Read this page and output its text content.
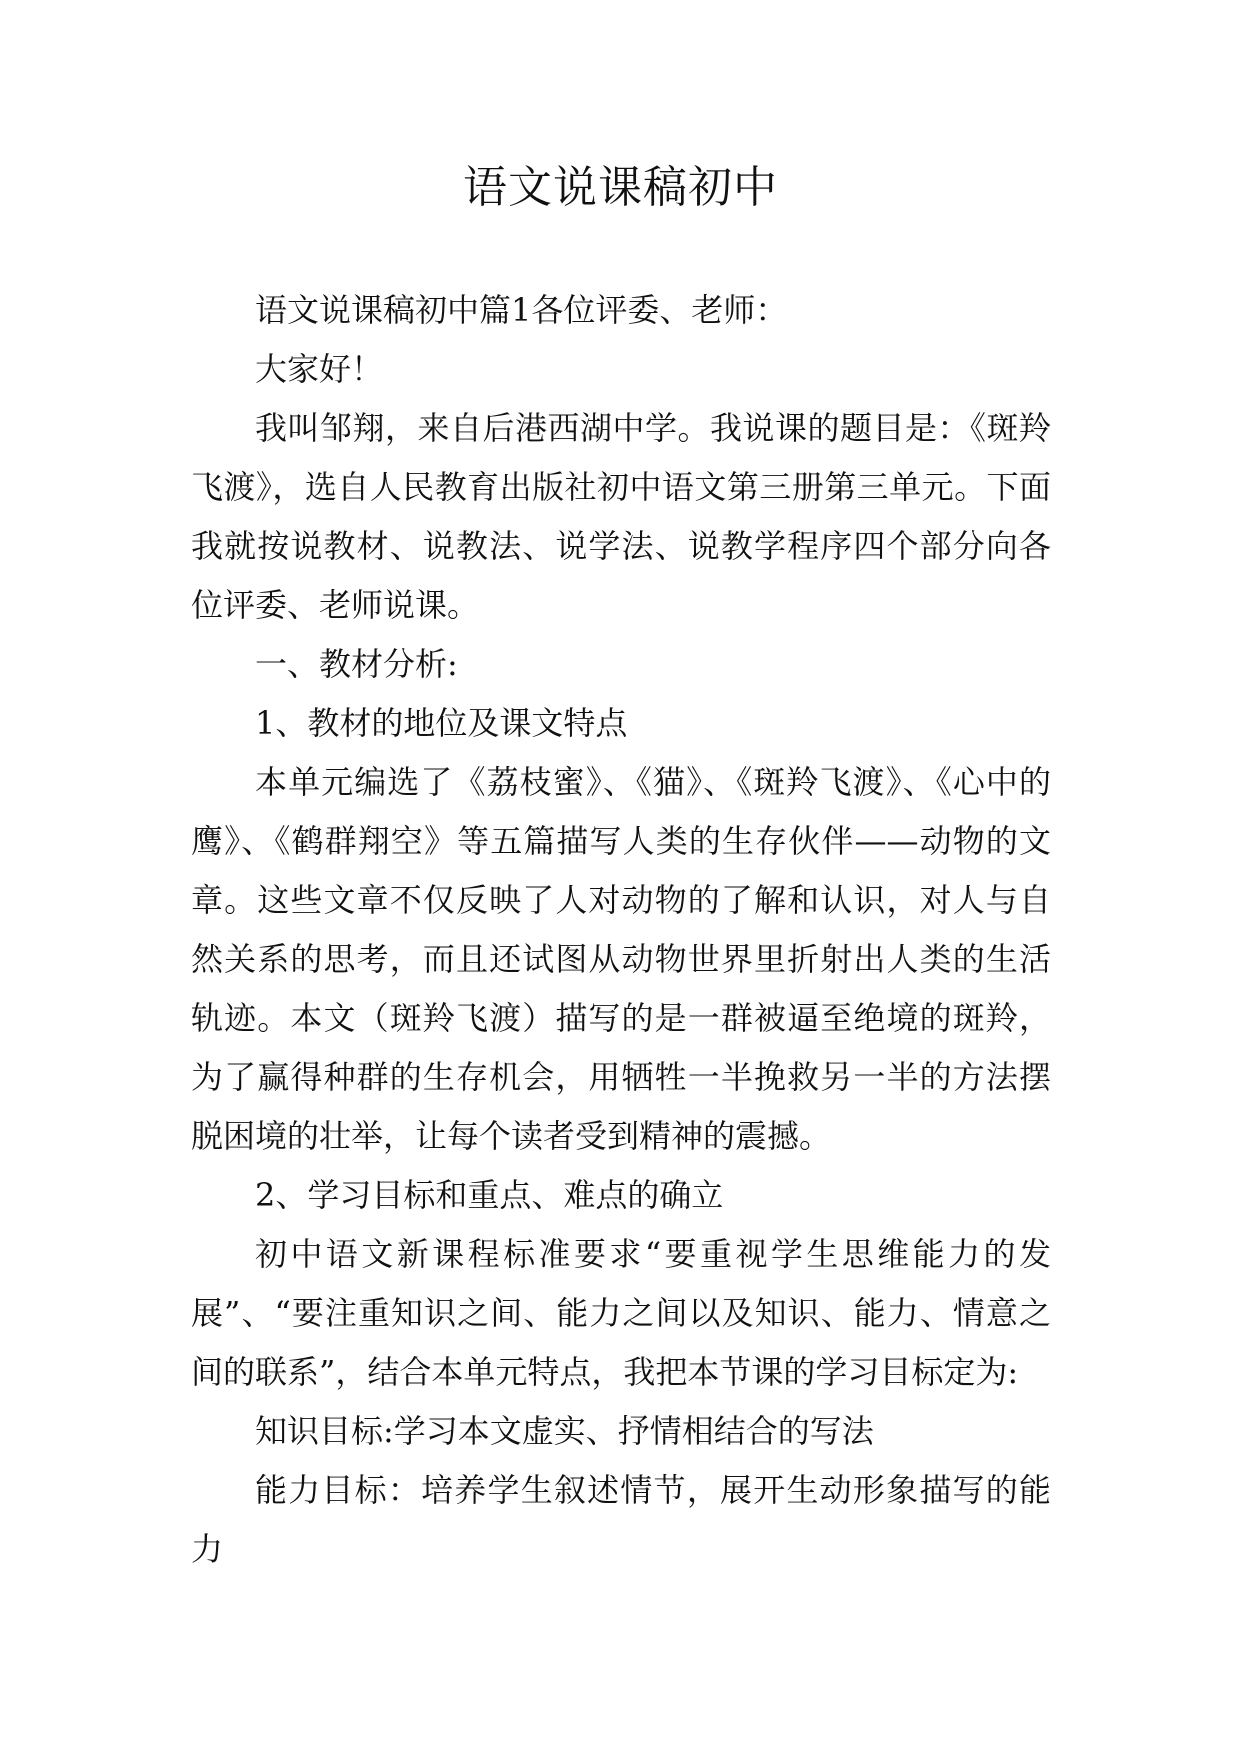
语文说课稿初中

语文说课稿初中篇1各位评委、老师：

大家好！

我叫邹翔，来自后港西湖中学。我说课的题目是：《斑羚飞渡》，选自人民教育出版社初中语文第三册第三单元。下面我就按说教材、说教法、说学法、说教学程序四个部分向各位评委、老师说课。

一、教材分析:

1、教材的地位及课文特点

本单元编选了《荔枝蜜》、《猫》、《斑羚飞渡》、《心中的鹰》、《鹤群翔空》等五篇描写人类的生存伙伴——动物的文章。这些文章不仅反映了人对动物的了解和认识，对人与自然关系的思考，而且还试图从动物世界里折射出人类的生活轨迹。本文（斑羚飞渡）描写的是一群被逼至绝境的斑羚，为了赢得种群的生存机会，用牺牲一半挽救另一半的方法摆脱困境的壮举，让每个读者受到精神的震撼。

2、学习目标和重点、难点的确立

初中语文新课程标准要求“要重视学生思维能力的发展”、“要注重知识之间、能力之间以及知识、能力、情意之间的联系”，结合本单元特点，我把本节课的学习目标定为:

知识目标:学习本文虚实、抒情相结合的写法

能力目标：培养学生叙述情节，展开生动形象描写的能力
